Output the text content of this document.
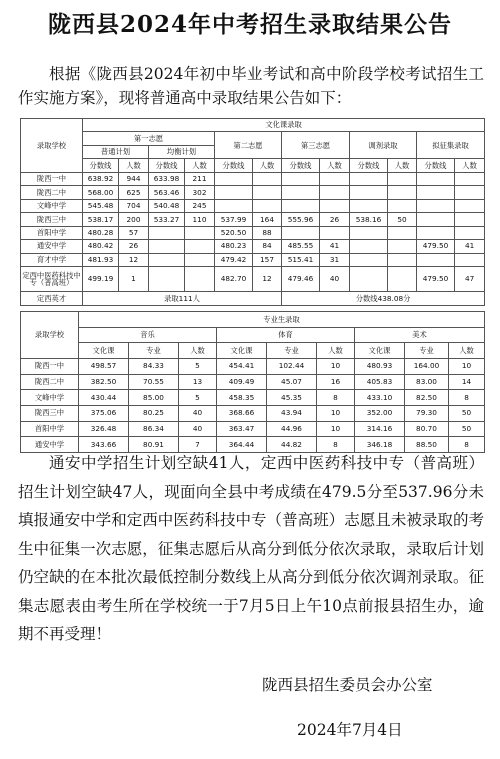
陇西县2024年中考招生录取结果公告
根据《陇西县2024年初中毕业考试和高中阶段学校考试招生工作实施方案》，现将普通高中录取结果公告如下：
录取学校	文化课录取											
	第一志愿				第二志愿		第三志愿		调剂录取		拟征集录取	
	普通计划		均衡计划									
	分数线	人数	分数线	人数	分数线	人数	分数线	人数	分数线	人数	分数线	人数
陇西一中	638.92	944	633.98	211								
陇西二中	568.00	625	563.46	302								
文峰中学	545.48	704	540.48	245								
陇西三中	538.17	200	533.27	110	537.99	164	555.96	26	538.16	50		
首阳中学	480.28	57			520.50	88						
通安中学	480.42	26			480.23	84	485.55	41			479.50	41
育才中学	481.93	12			479.42	157	515.41	31				
定西中医药科技中专（普高班）	499.19	1			482.70	12	479.46	40			479.50	47
定西英才	录取111人						分数线438.08分					
录取学校	专业生录取								
	音乐			体育			美术		
	文化课	专业	人数	文化课	专业	人数	文化课	专业	人数
陇西一中	498.57	84.33	5	454.41	102.44	10	480.93	164.00	10
陇西二中	382.50	70.55	13	409.49	45.07	16	405.83	83.00	14
文峰中学	430.44	85.00	5	458.35	45.35	8	433.10	82.50	8
陇西三中	375.06	80.25	40	368.66	43.94	10	352.00	79.30	50
首阳中学	326.48	86.34	40	363.47	44.96	10	314.16	80.70	50
通安中学	343.66	80.91	7	364.44	44.82	8	346.18	88.50	8
通安中学招生计划空缺41人，定西中医药科技中专（普高班）招生计划空缺47人，现面向全县中考成绩在479.5分至537.96分未填报通安中学和定西中医药科技中专（普高班）志愿且未被录取的考生中征集一次志愿，征集志愿后从高分到低分依次录取，录取后计划仍空缺的在本批次最低控制分数线上从高分到低分依次调剂录取。征集志愿表由考生所在学校统一于7月5日上午10点前报县招生办，逾期不再受理！
陇西县招生委员会办公室
2024年7月4日
